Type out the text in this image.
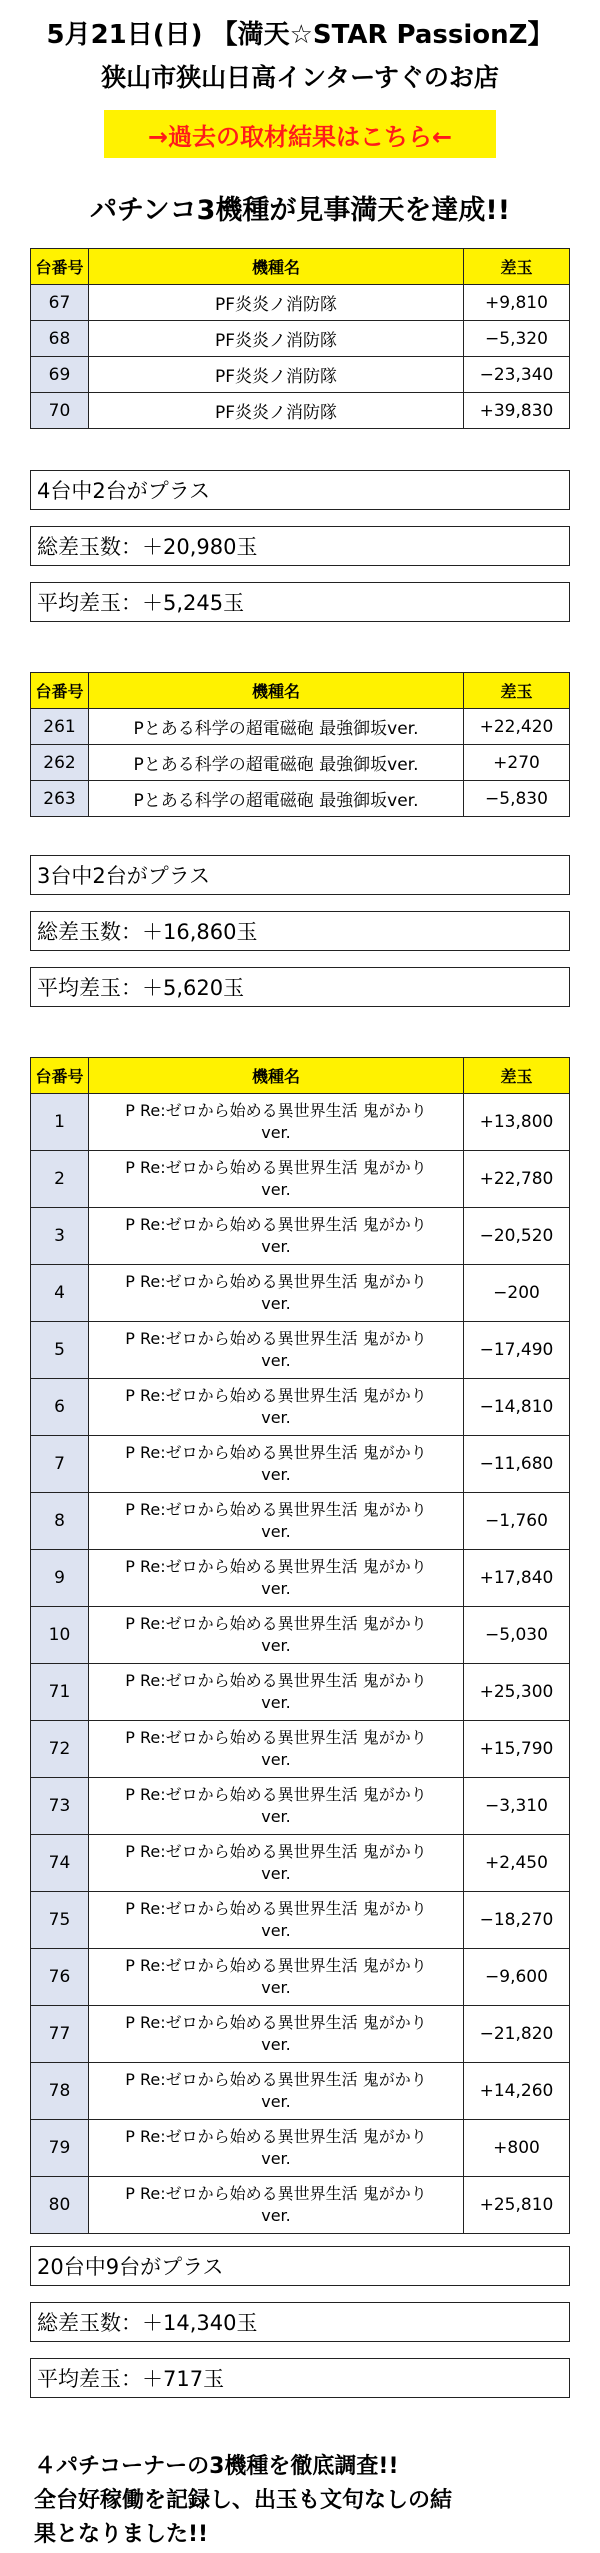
5月21日(日) 【満天☆STAR PassionZ】
狭山市狭山日高インターすぐのお店
→過去の取材結果はこちら←
パチンコ3機種が見事満天を達成!!
台番号	機種名	差玉
67	PF炎炎ノ消防隊	+9,810
68	PF炎炎ノ消防隊	−5,320
69	PF炎炎ノ消防隊	−23,340
70	PF炎炎ノ消防隊	+39,830
4台中2台がプラス
総差玉数：＋20,980玉
平均差玉：＋5,245玉
台番号	機種名	差玉
261	Pとある科学の超電磁砲 最強御坂ver.	+22,420
262	Pとある科学の超電磁砲 最強御坂ver.	+270
263	Pとある科学の超電磁砲 最強御坂ver.	−5,830
3台中2台がプラス
総差玉数：＋16,860玉
平均差玉：＋5,620玉
台番号	機種名	差玉
1	P Re:ゼロから始める異世界生活 鬼がかりver.	+13,800
2	P Re:ゼロから始める異世界生活 鬼がかりver.	+22,780
3	P Re:ゼロから始める異世界生活 鬼がかりver.	−20,520
4	P Re:ゼロから始める異世界生活 鬼がかりver.	−200
5	P Re:ゼロから始める異世界生活 鬼がかりver.	−17,490
6	P Re:ゼロから始める異世界生活 鬼がかりver.	−14,810
7	P Re:ゼロから始める異世界生活 鬼がかりver.	−11,680
8	P Re:ゼロから始める異世界生活 鬼がかりver.	−1,760
9	P Re:ゼロから始める異世界生活 鬼がかりver.	+17,840
10	P Re:ゼロから始める異世界生活 鬼がかりver.	−5,030
71	P Re:ゼロから始める異世界生活 鬼がかりver.	+25,300
72	P Re:ゼロから始める異世界生活 鬼がかりver.	+15,790
73	P Re:ゼロから始める異世界生活 鬼がかりver.	−3,310
74	P Re:ゼロから始める異世界生活 鬼がかりver.	+2,450
75	P Re:ゼロから始める異世界生活 鬼がかりver.	−18,270
76	P Re:ゼロから始める異世界生活 鬼がかりver.	−9,600
77	P Re:ゼロから始める異世界生活 鬼がかりver.	−21,820
78	P Re:ゼロから始める異世界生活 鬼がかりver.	+14,260
79	P Re:ゼロから始める異世界生活 鬼がかりver.	+800
80	P Re:ゼロから始める異世界生活 鬼がかりver.	+25,810
20台中9台がプラス
総差玉数：＋14,340玉
平均差玉：＋717玉
４パチコーナーの3機種を徹底調査!!
全台好稼働を記録し、出玉も文句なしの結
果となりました!!
